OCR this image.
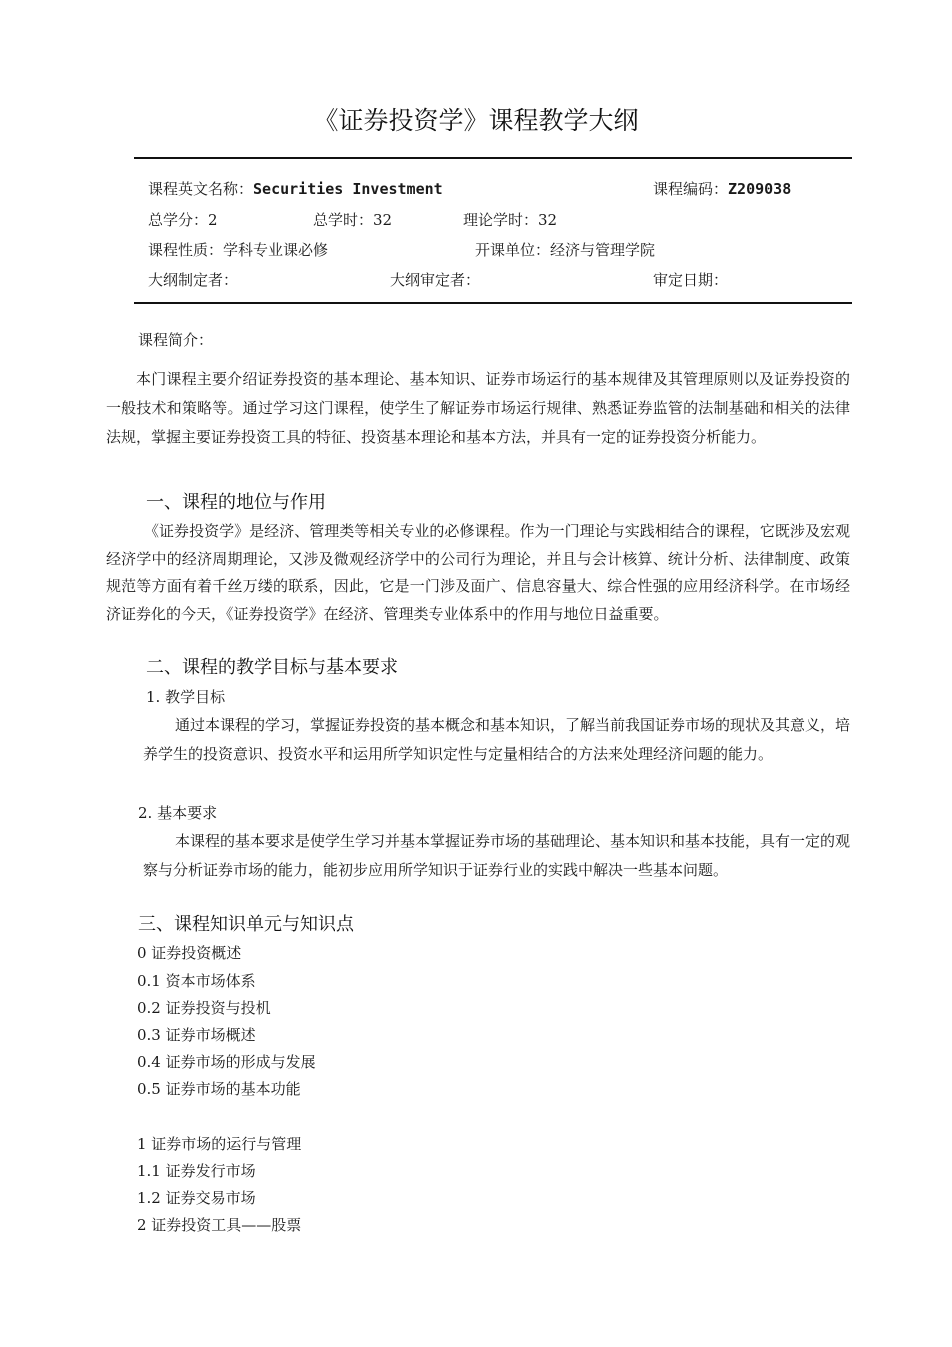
《证券投资学》课程教学大纲
课程英文名称：Securities Investment	课程编码：Z209038
总学分：2	总学时：32	理论学时：32
课程性质：学科专业课必修	开课单位：经济与管理学院
大纲制定者：	大纲审定者：	审定日期：
课程简介：
本门课程主要介绍证券投资的基本理论、基本知识、证券市场运行的基本规律及其管理原则以及证券投资的一般技术和策略等。通过学习这门课程，使学生了解证券市场运行规律、熟悉证券监管的法制基础和相关的法律法规，掌握主要证券投资工具的特征、投资基本理论和基本方法，并具有一定的证券投资分析能力。
一、课程的地位与作用
《证券投资学》是经济、管理类等相关专业的必修课程。作为一门理论与实践相结合的课程，它既涉及宏观经济学中的经济周期理论，又涉及微观经济学中的公司行为理论，并且与会计核算、统计分析、法律制度、政策规范等方面有着千丝万缕的联系，因此，它是一门涉及面广、信息容量大、综合性强的应用经济科学。在市场经济证券化的今天，《证券投资学》在经济、管理类专业体系中的作用与地位日益重要。
二、课程的教学目标与基本要求
1. 教学目标
通过本课程的学习，掌握证券投资的基本概念和基本知识，了解当前我国证券市场的现状及其意义，培养学生的投资意识、投资水平和运用所学知识定性与定量相结合的方法来处理经济问题的能力。
2. 基本要求
本课程的基本要求是使学生学习并基本掌握证券市场的基础理论、基本知识和基本技能，具有一定的观察与分析证券市场的能力，能初步应用所学知识于证券行业的实践中解决一些基本问题。
三、课程知识单元与知识点
0 证券投资概述
0.1 资本市场体系
0.2 证券投资与投机
0.3 证券市场概述
0.4 证券市场的形成与发展
0.5 证券市场的基本功能
1 证券市场的运行与管理
1.1 证券发行市场
1.2 证券交易市场
2 证券投资工具——股票
